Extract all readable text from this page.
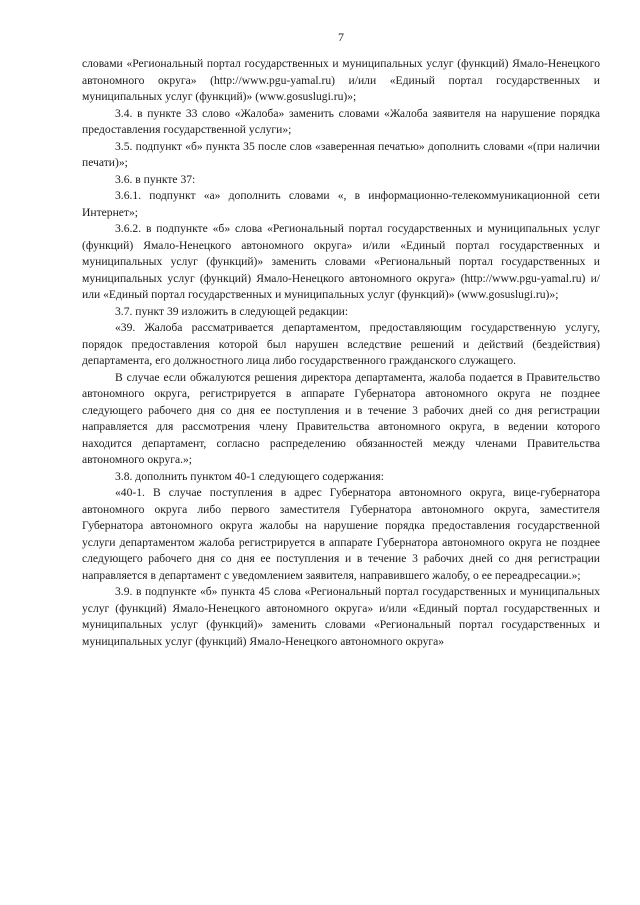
7

словами «Региональный портал государственных и муниципальных услуг (функций) Ямало-Ненецкого автономного округа» (http://www.pgu-yamal.ru) и/или «Единый портал государственных и муниципальных услуг (функций)» (www.gosuslugi.ru)»;

3.4. в пункте 33 слово «Жалоба» заменить словами «Жалоба заявителя на нарушение порядка предоставления государственной услуги»;

3.5. подпункт «б» пункта 35 после слов «заверенная печатью» дополнить словами «(при наличии печати)»;

3.6. в пункте 37:

3.6.1. подпункт «а» дополнить словами «, в информационно-телекоммуникационной сети Интернет»;

3.6.2. в подпункте «б» слова «Региональный портал государственных и муниципальных услуг (функций) Ямало-Ненецкого автономного округа» и/или «Единый портал государственных и муниципальных услуг (функций)» заменить словами «Региональный портал государственных и муниципальных услуг (функций) Ямало-Ненецкого автономного округа» (http://www.pgu-yamal.ru) и/или «Единый портал государственных и муниципальных услуг (функций)» (www.gosuslugi.ru)»;

3.7. пункт 39 изложить в следующей редакции:

«39. Жалоба рассматривается департаментом, предоставляющим государственную услугу, порядок предоставления которой был нарушен вследствие решений и действий (бездействия) департамента, его должностного лица либо государственного гражданского служащего.

В случае если обжалуются решения директора департамента, жалоба подается в Правительство автономного округа, регистрируется в аппарате Губернатора автономного округа не позднее следующего рабочего дня со дня ее поступления и в течение 3 рабочих дней со дня регистрации направляется для рассмотрения члену Правительства автономного округа, в ведении которого находится департамент, согласно распределению обязанностей между членами Правительства автономного округа.»;

3.8. дополнить пунктом 40-1 следующего содержания:

«40-1. В случае поступления в адрес Губернатора автономного округа, вице-губернатора автономного округа либо первого заместителя Губернатора автономного округа, заместителя Губернатора автономного округа жалобы на нарушение порядка предоставления государственной услуги департаментом жалоба регистрируется в аппарате Губернатора автономного округа не позднее следующего рабочего дня со дня ее поступления и в течение 3 рабочих дней со дня регистрации направляется в департамент с уведомлением заявителя, направившего жалобу, о ее переадресации.»;

3.9. в подпункте «б» пункта 45 слова «Региональный портал государственных и муниципальных услуг (функций) Ямало-Ненецкого автономного округа» и/или «Единый портал государственных и муниципальных услуг (функций)» заменить словами «Региональный портал государственных и муниципальных услуг (функций) Ямало-Ненецкого автономного округа»
